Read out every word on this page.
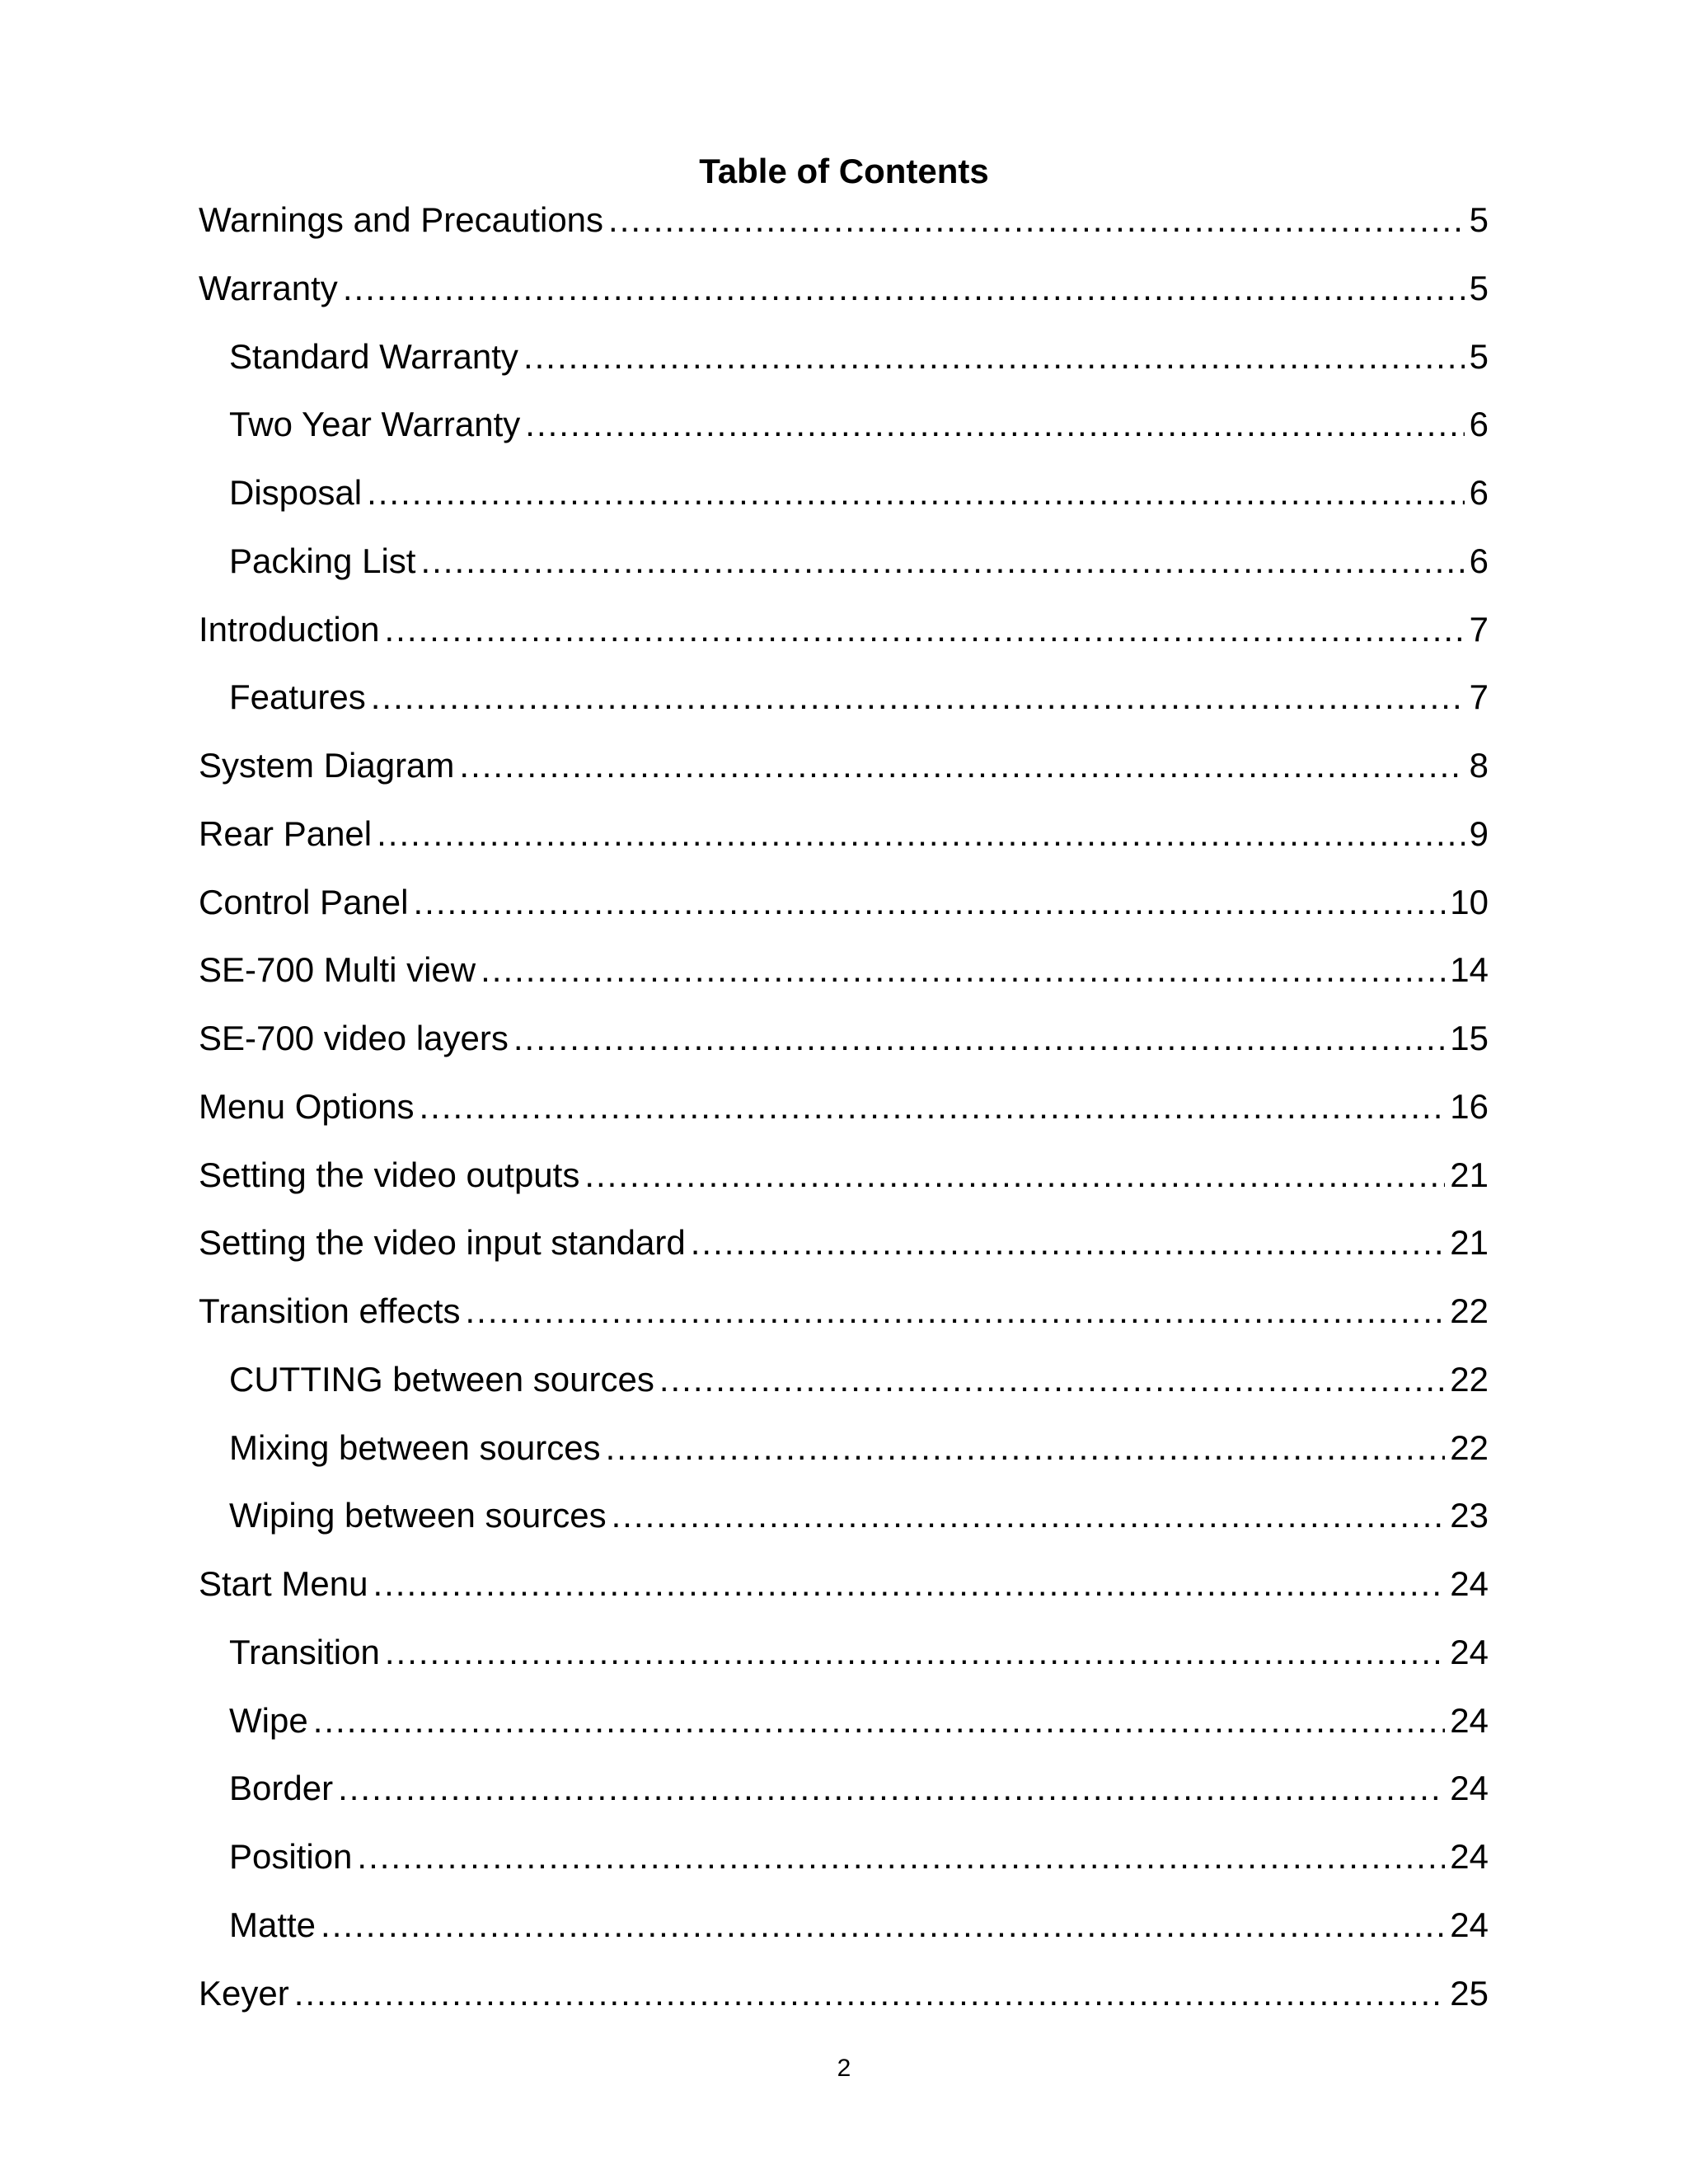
Table of Contents
Warnings and Precautions .....	5
Warranty .....	5
Standard Warranty .....	5
Two Year Warranty .....	6
Disposal .....	6
Packing List .....	6
Introduction .....	7
Features .....	7
System Diagram .....	8
Rear Panel .....	9
Control Panel .....	10
SE-700 Multi view .....	14
SE-700 video layers .....	15
Menu Options .....	16
Setting the video outputs .....	21
Setting the video input standard .....	21
Transition effects .....	22
CUTTING between sources .....	22
Mixing between sources .....	22
Wiping between sources .....	23
Start Menu .....	24
Transition .....	24
Wipe .....	24
Border .....	24
Position .....	24
Matte .....	24
Keyer .....	25
2
